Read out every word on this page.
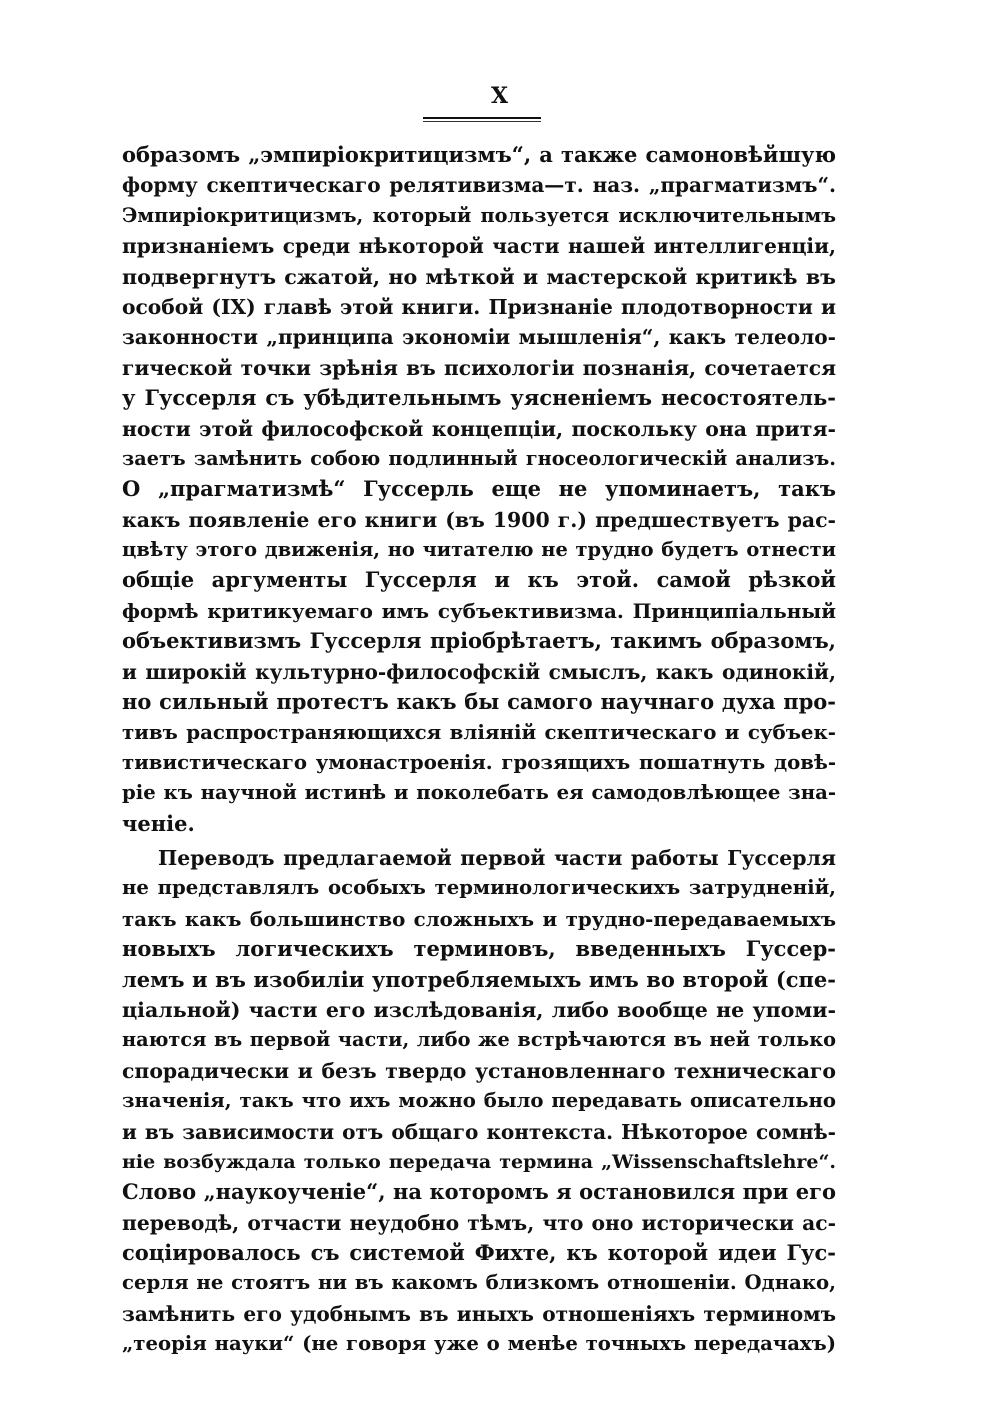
X
образомъ „эмпиріокритицизмъ“, а также самоновѣйшую
форму скептическаго релятивизма—т. наз. „прагматизмъ“.
Эмпиріокритицизмъ, который пользуется исключительнымъ
признаніемъ среди нѣкоторой части нашей интеллигенціи,
подвергнутъ сжатой, но мѣткой и мастерской критикѣ въ
особой (IX) главѣ этой книги. Признаніе плодотворности и
законности „принципа экономіи мышленія“, какъ телеоло-
гической точки зрѣнія въ психологіи познанія, сочетается
у Гуссерля съ убѣдительнымъ уясненіемъ несостоятель-
ности этой философской концепціи, поскольку она притя-
заетъ замѣнить собою подлинный гносеологическій анализъ.
О „прагматизмѣ“ Гуссерль еще не упоминаетъ, такъ
какъ появленіе его книги (въ 1900 г.) предшествуетъ рас-
цвѣту этого движенія, но читателю не трудно будетъ отнести
общіе аргументы Гуссерля и къ этой. самой рѣзкой
формѣ критикуемаго имъ субъективизма. Принципіальный
объективизмъ Гуссерля пріобрѣтаетъ, такимъ образомъ,
и широкій культурно-философскій смыслъ, какъ одинокій,
но сильный протестъ какъ бы самого научнаго духа про-
тивъ распространяющихся вліяній скептическаго и субъек-
тивистическаго умонастроенія. грозящихъ пошатнуть довѣ-
ріе къ научной истинѣ и поколебать ея самодовлѣющее зна-
ченіе.
Переводъ предлагаемой первой части работы Гуссерля
не представлялъ особыхъ терминологическихъ затрудненій,
такъ какъ большинство сложныхъ и трудно-передаваемыхъ
новыхъ логическихъ терминовъ, введенныхъ Гуссер-
лемъ и въ изобиліи употребляемыхъ имъ во второй (спе-
ціальной) части его изслѣдованія, либо вообще не упоми-
наются въ первой части, либо же встрѣчаются въ ней только
спорадически и безъ твердо установленнаго техническаго
значенія, такъ что ихъ можно было передавать описательно
и въ зависимости отъ общаго контекста. Нѣкоторое сомнѣ-
ніе возбуждала только передача термина „Wissenschaftslehre“.
Слово „наукоученіе“, на которомъ я остановился при его
переводѣ, отчасти неудобно тѣмъ, что оно исторически ас-
соціировалось съ системой Фихте, къ которой идеи Гус-
серля не стоятъ ни въ какомъ близкомъ отношеніи. Однако,
замѣнить его удобнымъ въ иныхъ отношеніяхъ терминомъ
„теорія науки“ (не говоря уже о менѣе точныхъ передачахъ)
